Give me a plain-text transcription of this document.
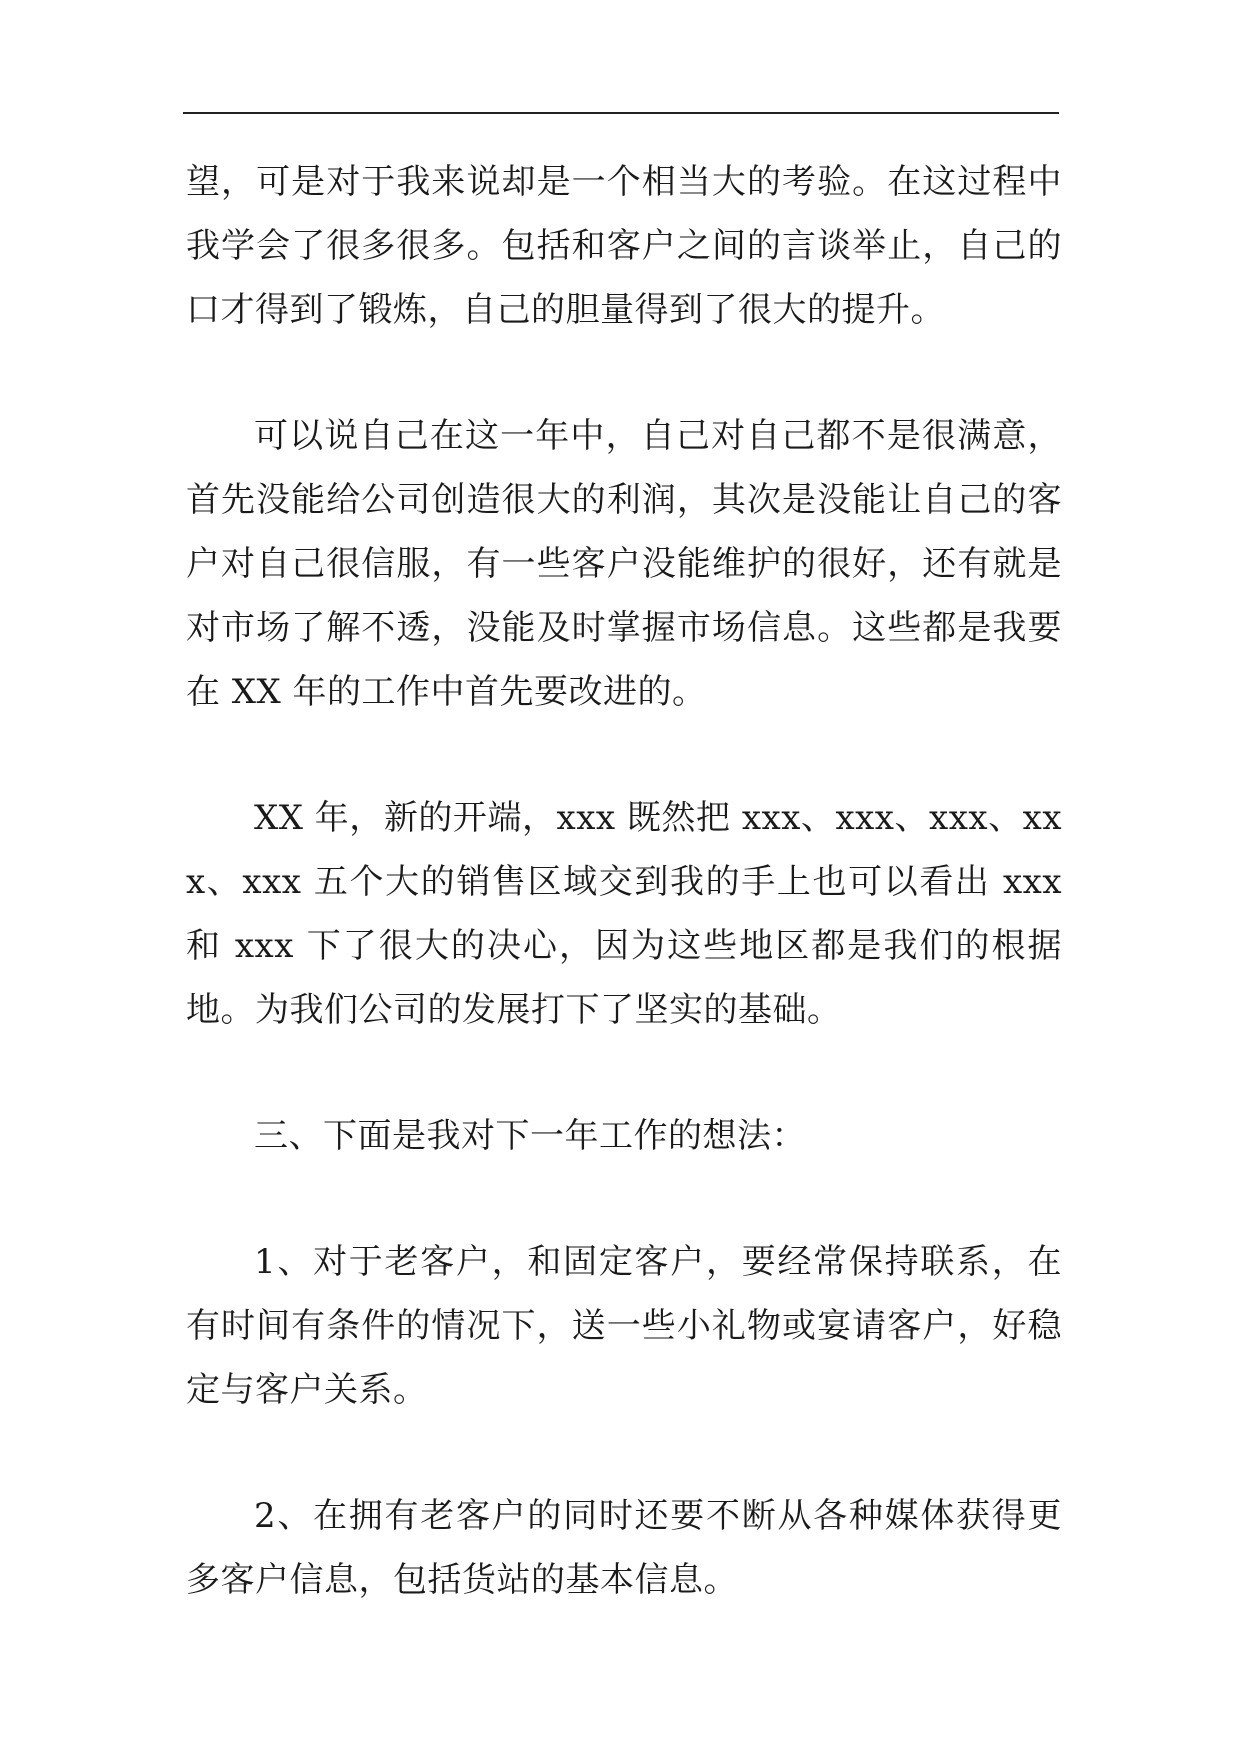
望，可是对于我来说却是一个相当大的考验。在这过程中我学会了很多很多。包括和客户之间的言谈举止，自己的口才得到了锻炼，自己的胆量得到了很大的提升。

可以说自己在这一年中，自己对自己都不是很满意，首先没能给公司创造很大的利润，其次是没能让自己的客户对自己很信服，有一些客户没能维护的很好，还有就是对市场了解不透，没能及时掌握市场信息。这些都是我要在 XX 年的工作中首先要改进的。

XX 年，新的开端，xxx 既然把 xxx、xxx、xxx、xxx、xxx 五个大的销售区域交到我的手上也可以看出 xxx 和 xxx 下了很大的决心，因为这些地区都是我们的根据地。为我们公司的发展打下了坚实的基础。

三、下面是我对下一年工作的想法：

1、对于老客户，和固定客户，要经常保持联系，在有时间有条件的情况下，送一些小礼物或宴请客户，好稳定与客户关系。

2、在拥有老客户的同时还要不断从各种媒体获得更多客户信息，包括货站的基本信息。
